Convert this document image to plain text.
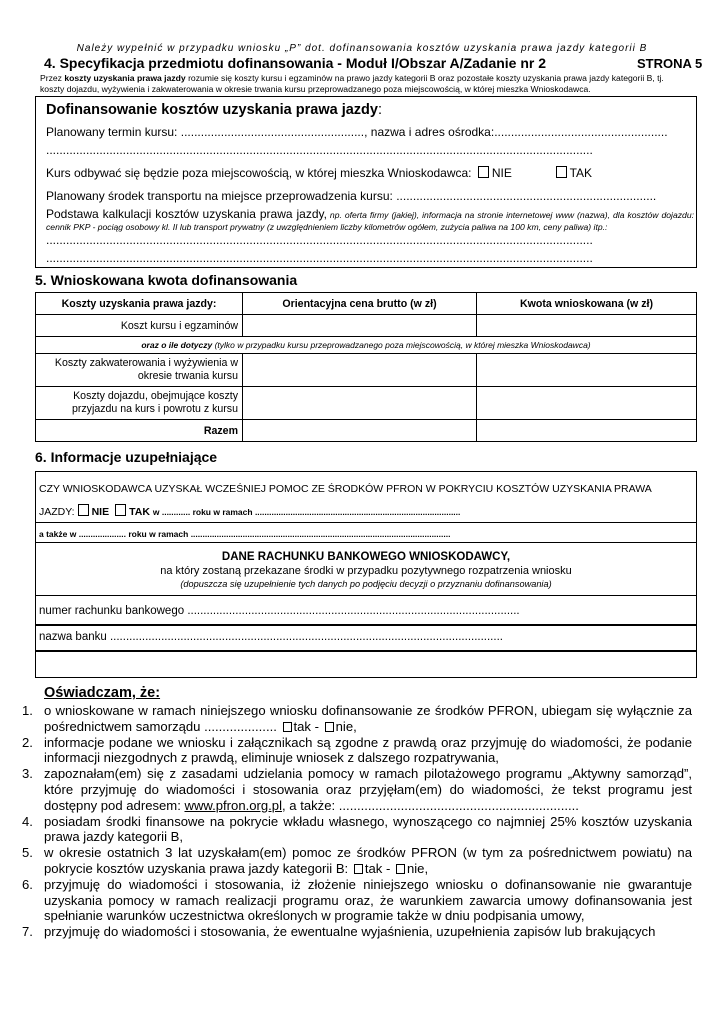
Należy wypełnić w przypadku wniosku „P” dot. dofinansowania kosztów uzyskania prawa jazdy kategorii B
4. Specyfikacja przedmiotu dofinansowania - Moduł I/Obszar A/Zadanie nr 2	STRONA 5
Przez koszty uzyskania prawa jazdy rozumie się koszty kursu i egzaminów na prawo jazdy kategorii B oraz pozostałe koszty uzyskania prawa jazdy kategorii B, tj. koszty dojazdu, wyżywienia i zakwaterowania w okresie trwania kursu przeprowadzanego poza miejscowością, w której mieszka Wnioskodawca.
Dofinansowanie kosztów uzyskania prawa jazdy:
Planowany termin kursu: ......................................................., nazwa i adres ośrodka:....................................................
....................................................................................................................................................................
Kurs odbywać się będzie poza miejscowością, w której mieszka Wnioskodawca: NIE	TAK
Planowany środek transportu na miejsce przeprowadzenia kursu: ..............................................................................
Podstawa kalkulacji kosztów uzyskania prawa jazdy, np. oferta firmy (jakiej), informacja na stronie internetowej www (nazwa), dla kosztów dojazdu: cennik PKP - pociąg osobowy kl. II lub transport prywatny (z uwzględnieniem liczby kilometrów ogółem, zużycia paliwa na 100 km, ceny paliwa) itp.:
....................................................................................................................................................................
....................................................................................................................................................................
5. Wnioskowana kwota dofinansowania
Koszty uzyskania prawa jazdy:	Orientacyjna cena brutto (w zł)	Kwota wnioskowana (w zł)
Koszt kursu i egzaminów		
oraz o ile dotyczy (tylko w przypadku kursu przeprowadzanego poza miejscowością, w której mieszka Wnioskodawca)		
Koszty zakwaterowania i wyżywienia w okresie trwania kursu		
Koszty dojazdu, obejmujące koszty przyjazdu na kurs i powrotu z kursu		
Razem		
6. Informacje uzupełniające
CZY WNIOSKODAWCA UZYSKAŁ WCZEŚNIEJ POMOC ZE ŚRODKÓW PFRON W POKRYCIU KOSZTÓW UZYSKANIA PRAWA
JAZDY: NIE TAK w ............ roku w ramach .......................................................................................
a także w .................... roku w ramach ..............................................................................................................
DANE RACHUNKU BANKOWEGO WNIOSKODAWCY,
na który zostaną przekazane środki w przypadku pozytywnego rozpatrzenia wniosku
(dopuszcza się uzupełnienie tych danych po podjęciu decyzji o przyznaniu dofinansowania)
numer rachunku bankowego ........................................................................................................
nazwa banku ...........................................................................................................................
Oświadczam, że:
1. o wnioskowane w ramach niniejszego wniosku dofinansowanie ze środków PFRON, ubiegam się wyłącznie za pośrednictwem samorządu .................... tak - nie,
2. informacje podane we wniosku i załącznikach są zgodne z prawdą oraz przyjmuję do wiadomości, że podanie informacji niezgodnych z prawdą, eliminuje wniosek z dalszego rozpatrywania,
3. zapoznałam(em) się z zasadami udzielania pomocy w ramach pilotażowego programu „Aktywny samorząd”, które przyjmuję do wiadomości i stosowania oraz przyjęłam(em) do wiadomości, że tekst programu jest dostępny pod adresem: www.pfron.org.pl, a także: ..................................................................
4. posiadam środki finansowe na pokrycie wkładu własnego, wynoszącego co najmniej 25% kosztów uzyskania prawa jazdy kategorii B,
5. w okresie ostatnich 3 lat uzyskałam(em) pomoc ze środków PFRON (w tym za pośrednictwem powiatu) na pokrycie kosztów uzyskania prawa jazdy kategorii B: tak - nie,
6. przyjmuję do wiadomości i stosowania, iż złożenie niniejszego wniosku o dofinansowanie nie gwarantuje uzyskania pomocy w ramach realizacji programu oraz, że warunkiem zawarcia umowy dofinansowania jest spełnianie warunków uczestnictwa określonych w programie także w dniu podpisania umowy,
7. przyjmuję do wiadomości i stosowania, że ewentualne wyjaśnienia, uzupełnienia zapisów lub brakujących
